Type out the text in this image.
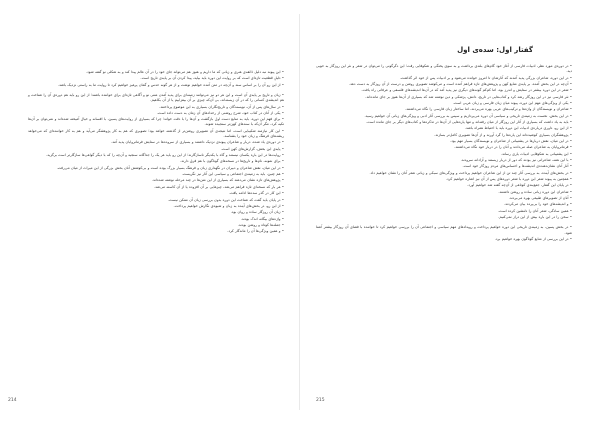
• این پیوند نبه دلیل ذائقه‌ی هنری و زبانی که ما داریم و هنوز هم می‌تواند جای خود را در آن عالم پیدا کند و به شکلی نو گفته شود.

• دلیلِ قطعیت تازه‌ای است که بر روایت این دوره باید بیاید، پیدا کردن آن بر پایه‌ی تاریخ است.

• از این رو آن را بر اساس سند و آن‌چه در متن آمده خواهیم نوشت و از هر گونه حدس و گمان پرهیز خواهیم کرد تا روایت ما به راستی نزدیک باشد.

• زبان و تاریخ بر پایه‌ی آن است و این هر دو نیز می‌توانند زمینه‌ای برای پدید آمدن متنی نو و آگاهی تازه‌ای برای خواننده باشند؛ از این رو باید هم دوره‌ی آن را شناخت و هم اندیشه‌ی کسانی را که در آن زیسته‌اند، بی آن‌که چیزی بر آن بیفزاییم یا از آن بکاهیم.

• در سال‌های پس از آن، نویسندگان و تاریخ‌نگاران بسیاری به این موضوع پرداختند.

• یکی از آنان در کتاب خود، شرح روشنی از رخدادهای آن زمان به دست داده است.

• برای فهم این دوره، باید به منابع دست اول بازگشت و آن‌ها را با دقت خواند؛ چرا که بسیاری از روایت‌های پسین، با افسانه و خیال آمیخته شده‌اند و نمی‌توان بر آن‌ها تکیه کرد، مگر آن‌که با سندهای کهن‌تر سنجیده شوند.

• این کار نیازمند شکیبایی است، اما نتیجه‌ی آن تصویری روشن‌تر از گذشته خواهد بود؛ تصویری که هم به کار پژوهشگر می‌آید و هم به کار خواننده‌ای که می‌خواهد ریشه‌های فرهنگ و زبان خود را بشناسد.

• در دوره‌ی یاد شده، دربار و شاعران پیوندی نزدیک داشتند و بسیاری از سروده‌ها در ستایش فرمانروایان پدید آمد.

• پایه‌ی این بخش، گزارش‌های کهن است.

• روایت‌ها در این باره یکسان نیستند و گاه با یکدیگر ناسازگارند؛ از این رو باید هر یک را جداگانه سنجید و آن‌چه را که با دیگر گواهی‌ها سازگارتر است برگزید.

• برای نمونه، نام‌ها و تاریخ‌ها در نسخه‌های گوناگون با هم فرق دارند.

• در این میان، نقش شاعران و دبیران در نگهداری زبان و فرهنگ بسیار بزرگ بوده است و بی‌کوشش آنان بخش بزرگی از این میراث از میان می‌رفت.

• هم چنین، باید به زمینه‌ی اجتماعی و سیاسی این آثار نیز نگریست.

• پژوهش‌های تازه نشان می‌دهند که بسیاری از این متن‌ها در چند مرحله نوشته شده‌اند.

• هر بار که نسخه‌ای تازه فراهم می‌شد، چیزهایی بر آن افزوده یا از آن کاسته می‌شد.

• این کار در گذر سده‌ها ادامه یافت.

• در پایان باید گفت که شناخت این دوره بدون بررسی زبان آن ممکن نیست.

• از این رو، در بخش‌های آینده به زبان و شیوه‌ی نگارش خواهیم پرداخت.

• زبان آن روزگار ساده و روان بود.

• واژه‌های بیگانه اندک بودند.

• جمله‌ها کوتاه و روشن بودند.

• و همین ویژگی‌ها آن را ماندگار کرد.

214
گفتار اول: سده‌ی اول

• در دوره‌ی مورد نظر، ادبیات فارسی از آغاز خود گام‌های بلندی برداشت و به سوی پختگی و شکوفایی رفت؛ این دگرگونی را می‌توان در شعر و نثر این روزگار به خوبی دید.

• در این دوره، شاعران بزرگی پدید آمدند که آثارشان تا امروز خوانده می‌شود و بر ادبیات پس از خود اثر گذاشت.

• آن‌چه در این بخش آمده، بر پایه‌ی منابع کهن و پژوهش‌های تازه فراهم آمده است و می‌کوشد تصویری روشن و درست از آن روزگار به دست دهد.

• شعر در این دوره بیشتر در ستایش و اندرز بود، اما کم‌کم گونه‌های دیگری نیز پدید آمد که در آن‌ها اندیشه‌های فلسفی و عرفانی راه یافت.

• نثر فارسی نیز در این روزگار رشد کرد و کتاب‌هایی در تاریخ، دانش، پزشکی و دین نوشته شد که بسیاری از آن‌ها هنوز بر جای مانده‌اند.

• یکی از ویژگی‌های مهم این دوره، پیوند میان زبان فارسی و زبان عربی است.

• شاعران و نویسندگان از واژه‌ها و ترکیب‌های عربی بهره می‌بردند، اما ساختار زبان فارسی را نگاه می‌داشتند.

• در این بخش، نخست به زمینه‌ی تاریخی و سیاسی آن دوره می‌پردازیم و سپس به بررسی آثار ادبی و ویژگی‌های زبانی آن خواهیم رسید.

• باید به یاد داشت که بسیاری از آثار این روزگار از میان رفته‌اند و تنها پاره‌هایی از آن‌ها در تذکره‌ها و کتاب‌های دیگر بر جای مانده است.

• از این رو، داوری درباره‌ی ادبیات این دوره باید با احتیاط همراه باشد.

• پژوهشگران بسیاری کوشیده‌اند این پاره‌ها را گرد آورند و از آن‌ها تصویری کامل‌تر بسازند.

• در این میان، نقش دربارها در پشتیبانی از شاعران و نویسندگان بسیار مهم بود.

• فرمانروایان به شاعران صله می‌دادند و آنان را در دربار خود نگاه می‌داشتند.

• این پشتیبانی به شکوفایی ادبیات یاری رساند.

• با این همه، شاعرانی نیز بودند که دور از دربار زیستند و آزادانه سرودند.

• آثار آنان نشان‌دهنده‌ی اندیشه‌ها و احساس‌های مردم روزگار خود است.

• در بخش‌های آینده، به بررسی آثار چند تن از این شاعران خواهیم پرداخت و ویژگی‌های سبکی و زبانی شعر آنان را نشان خواهیم داد.

• همچنین به پیوند شعر این دوره با شعر دوره‌های پس از آن نیز اشاره خواهیم کرد.

• در پایان این گفتار، جمع‌بندی کوتاهی از آن‌چه گفته شد خواهیم آورد.

• شاعران این دوره زبانی ساده و روشن داشتند.

• آنان از تصویرهای طبیعی بهره می‌بردند.

• و اندیشه‌های خود را بی‌پرده بیان می‌کردند.

• همین سادگی، شعر آنان را دلنشین کرده است.

• سخن را در این باره بیش از این دراز نمی‌کنیم.

• در بخش پسین، به زمینه‌ی تاریخی این دوره خواهیم پرداخت و رویدادهای مهم سیاسی و اجتماعی آن را بررسی خواهیم کرد تا خواننده با فضای آن روزگار بیشتر آشنا شود.

• در این بررسی از منابع گوناگون بهره خواهیم برد.

215
